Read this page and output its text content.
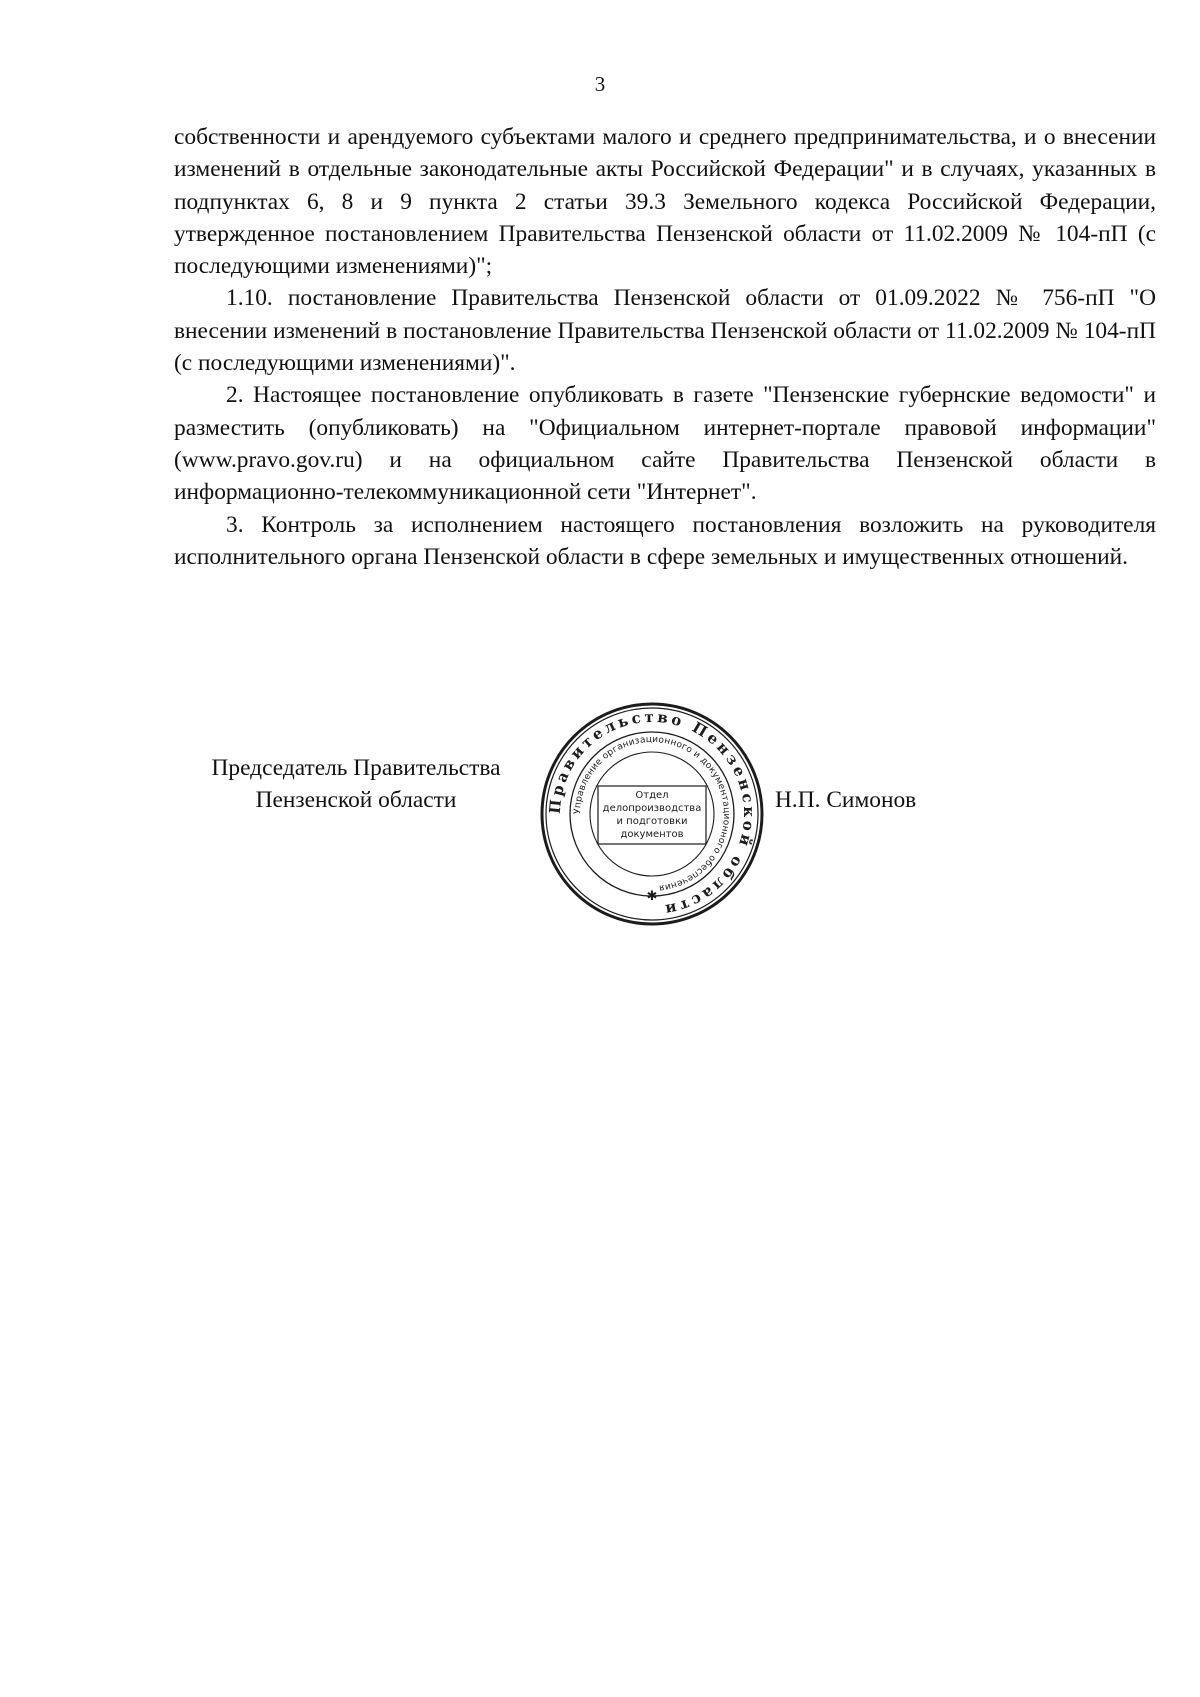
3

собственности и арендуемого субъектами малого и среднего предпринимательства, и о внесении изменений в отдельные законодательные акты Российской Федерации" и в случаях, указанных в подпунктах 6, 8 и 9 пункта 2 статьи 39.3 Земельного кодекса Российской Федерации, утвержденное постановлением Правительства Пензенской области от 11.02.2009 № 104-пП (с последующими изменениями)";

1.10. постановление Правительства Пензенской области от 01.09.2022 № 756-пП "О внесении изменений в постановление Правительства Пензенской области от 11.02.2009 № 104-пП (с последующими изменениями)".

2. Настоящее постановление опубликовать в газете "Пензенские губернские ведомости" и разместить (опубликовать) на "Официальном интернет-портале правовой информации" (www.pravo.gov.ru) и на официальном сайте Правительства Пензенской области в информационно-телекоммуникационной сети "Интернет".

3. Контроль за исполнением настоящего постановления возложить на руководителя исполнительного органа Пензенской области в сфере земельных и имущественных отношений.

Председатель Правительства
Пензенской области	Правительство Пензенской области
Управление организационного и документационного обеспечения
Отдел
делопроизводства
и подготовки
документов
✱
Н.П. Симонов
